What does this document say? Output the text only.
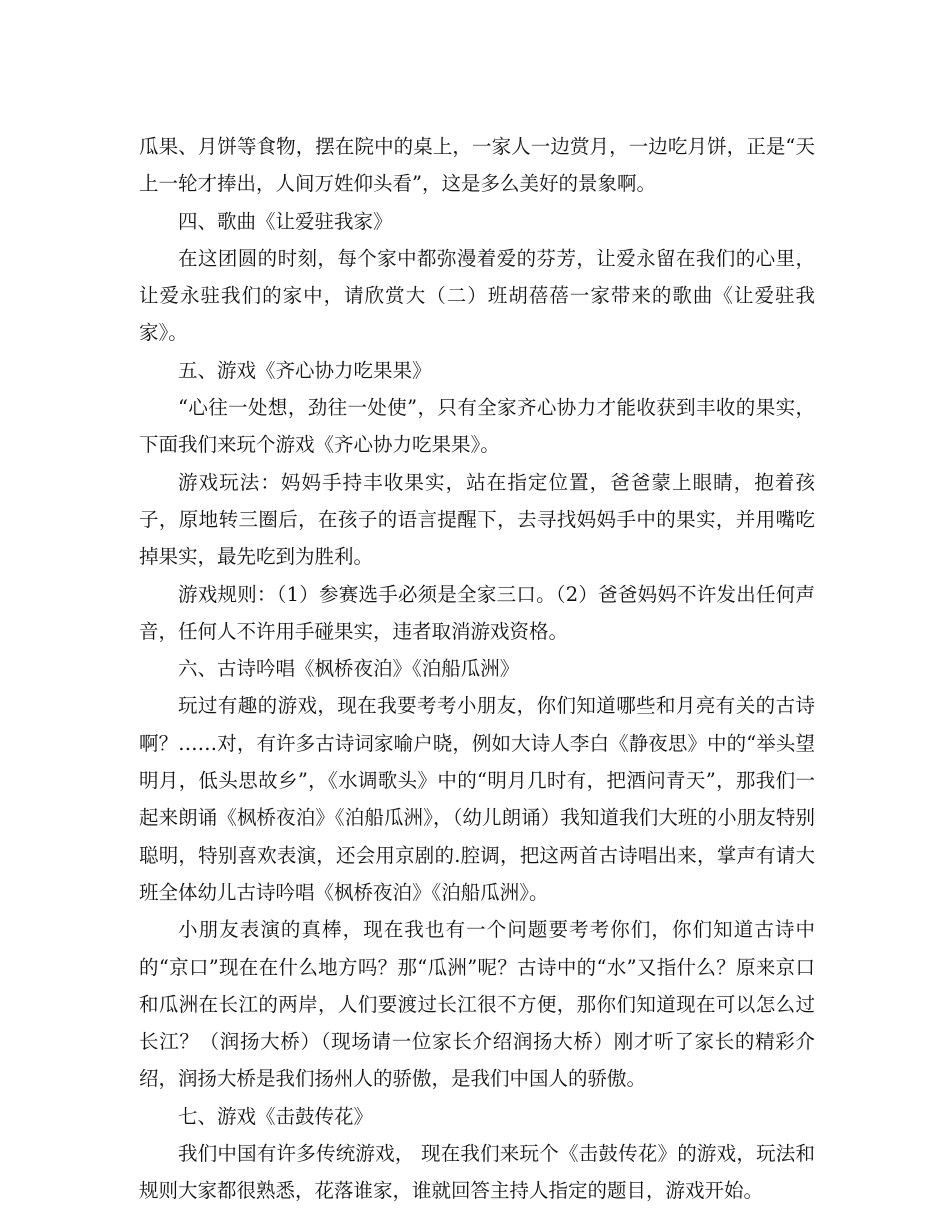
瓜果、月饼等食物，摆在院中的桌上，一家人一边赏月，一边吃月饼，正是“天上一轮才捧出，人间万姓仰头看”，这是多么美好的景象啊。

四、歌曲《让爱驻我家》

在这团圆的时刻，每个家中都弥漫着爱的芬芳，让爱永留在我们的心里，让爱永驻我们的家中，请欣赏大（二）班胡蓓蓓一家带来的歌曲《让爱驻我家》。

五、游戏《齐心协力吃果果》

“心往一处想，劲往一处使”，只有全家齐心协力才能收获到丰收的果实，下面我们来玩个游戏《齐心协力吃果果》。

游戏玩法：妈妈手持丰收果实，站在指定位置，爸爸蒙上眼睛，抱着孩子，原地转三圈后，在孩子的语言提醒下，去寻找妈妈手中的果实，并用嘴吃掉果实，最先吃到为胜利。

游戏规则：（1）参赛选手必须是全家三口。（2）爸爸妈妈不许发出任何声音，任何人不许用手碰果实，违者取消游戏资格。

六、古诗吟唱《枫桥夜泊》《泊船瓜洲》

玩过有趣的游戏，现在我要考考小朋友，你们知道哪些和月亮有关的古诗啊？……对，有许多古诗词家喻户晓，例如大诗人李白《静夜思》中的“举头望明月，低头思故乡”，《水调歌头》中的“明月几时有，把酒问青天”，那我们一起来朗诵《枫桥夜泊》《泊船瓜洲》，（幼儿朗诵）我知道我们大班的小朋友特别聪明，特别喜欢表演，还会用京剧的.腔调，把这两首古诗唱出来，掌声有请大班全体幼儿古诗吟唱《枫桥夜泊》《泊船瓜洲》。

小朋友表演的真棒，现在我也有一个问题要考考你们，你们知道古诗中的“京口”现在在什么地方吗？那“瓜洲”呢？古诗中的“水”又指什么？原来京口和瓜洲在长江的两岸，人们要渡过长江很不方便，那你们知道现在可以怎么过长江？（润扬大桥）（现场请一位家长介绍润扬大桥）刚才听了家长的精彩介绍，润扬大桥是我们扬州人的骄傲，是我们中国人的骄傲。

七、游戏《击鼓传花》

我们中国有许多传统游戏， 现在我们来玩个《击鼓传花》的游戏，玩法和规则大家都很熟悉，花落谁家，谁就回答主持人指定的题目，游戏开始。
